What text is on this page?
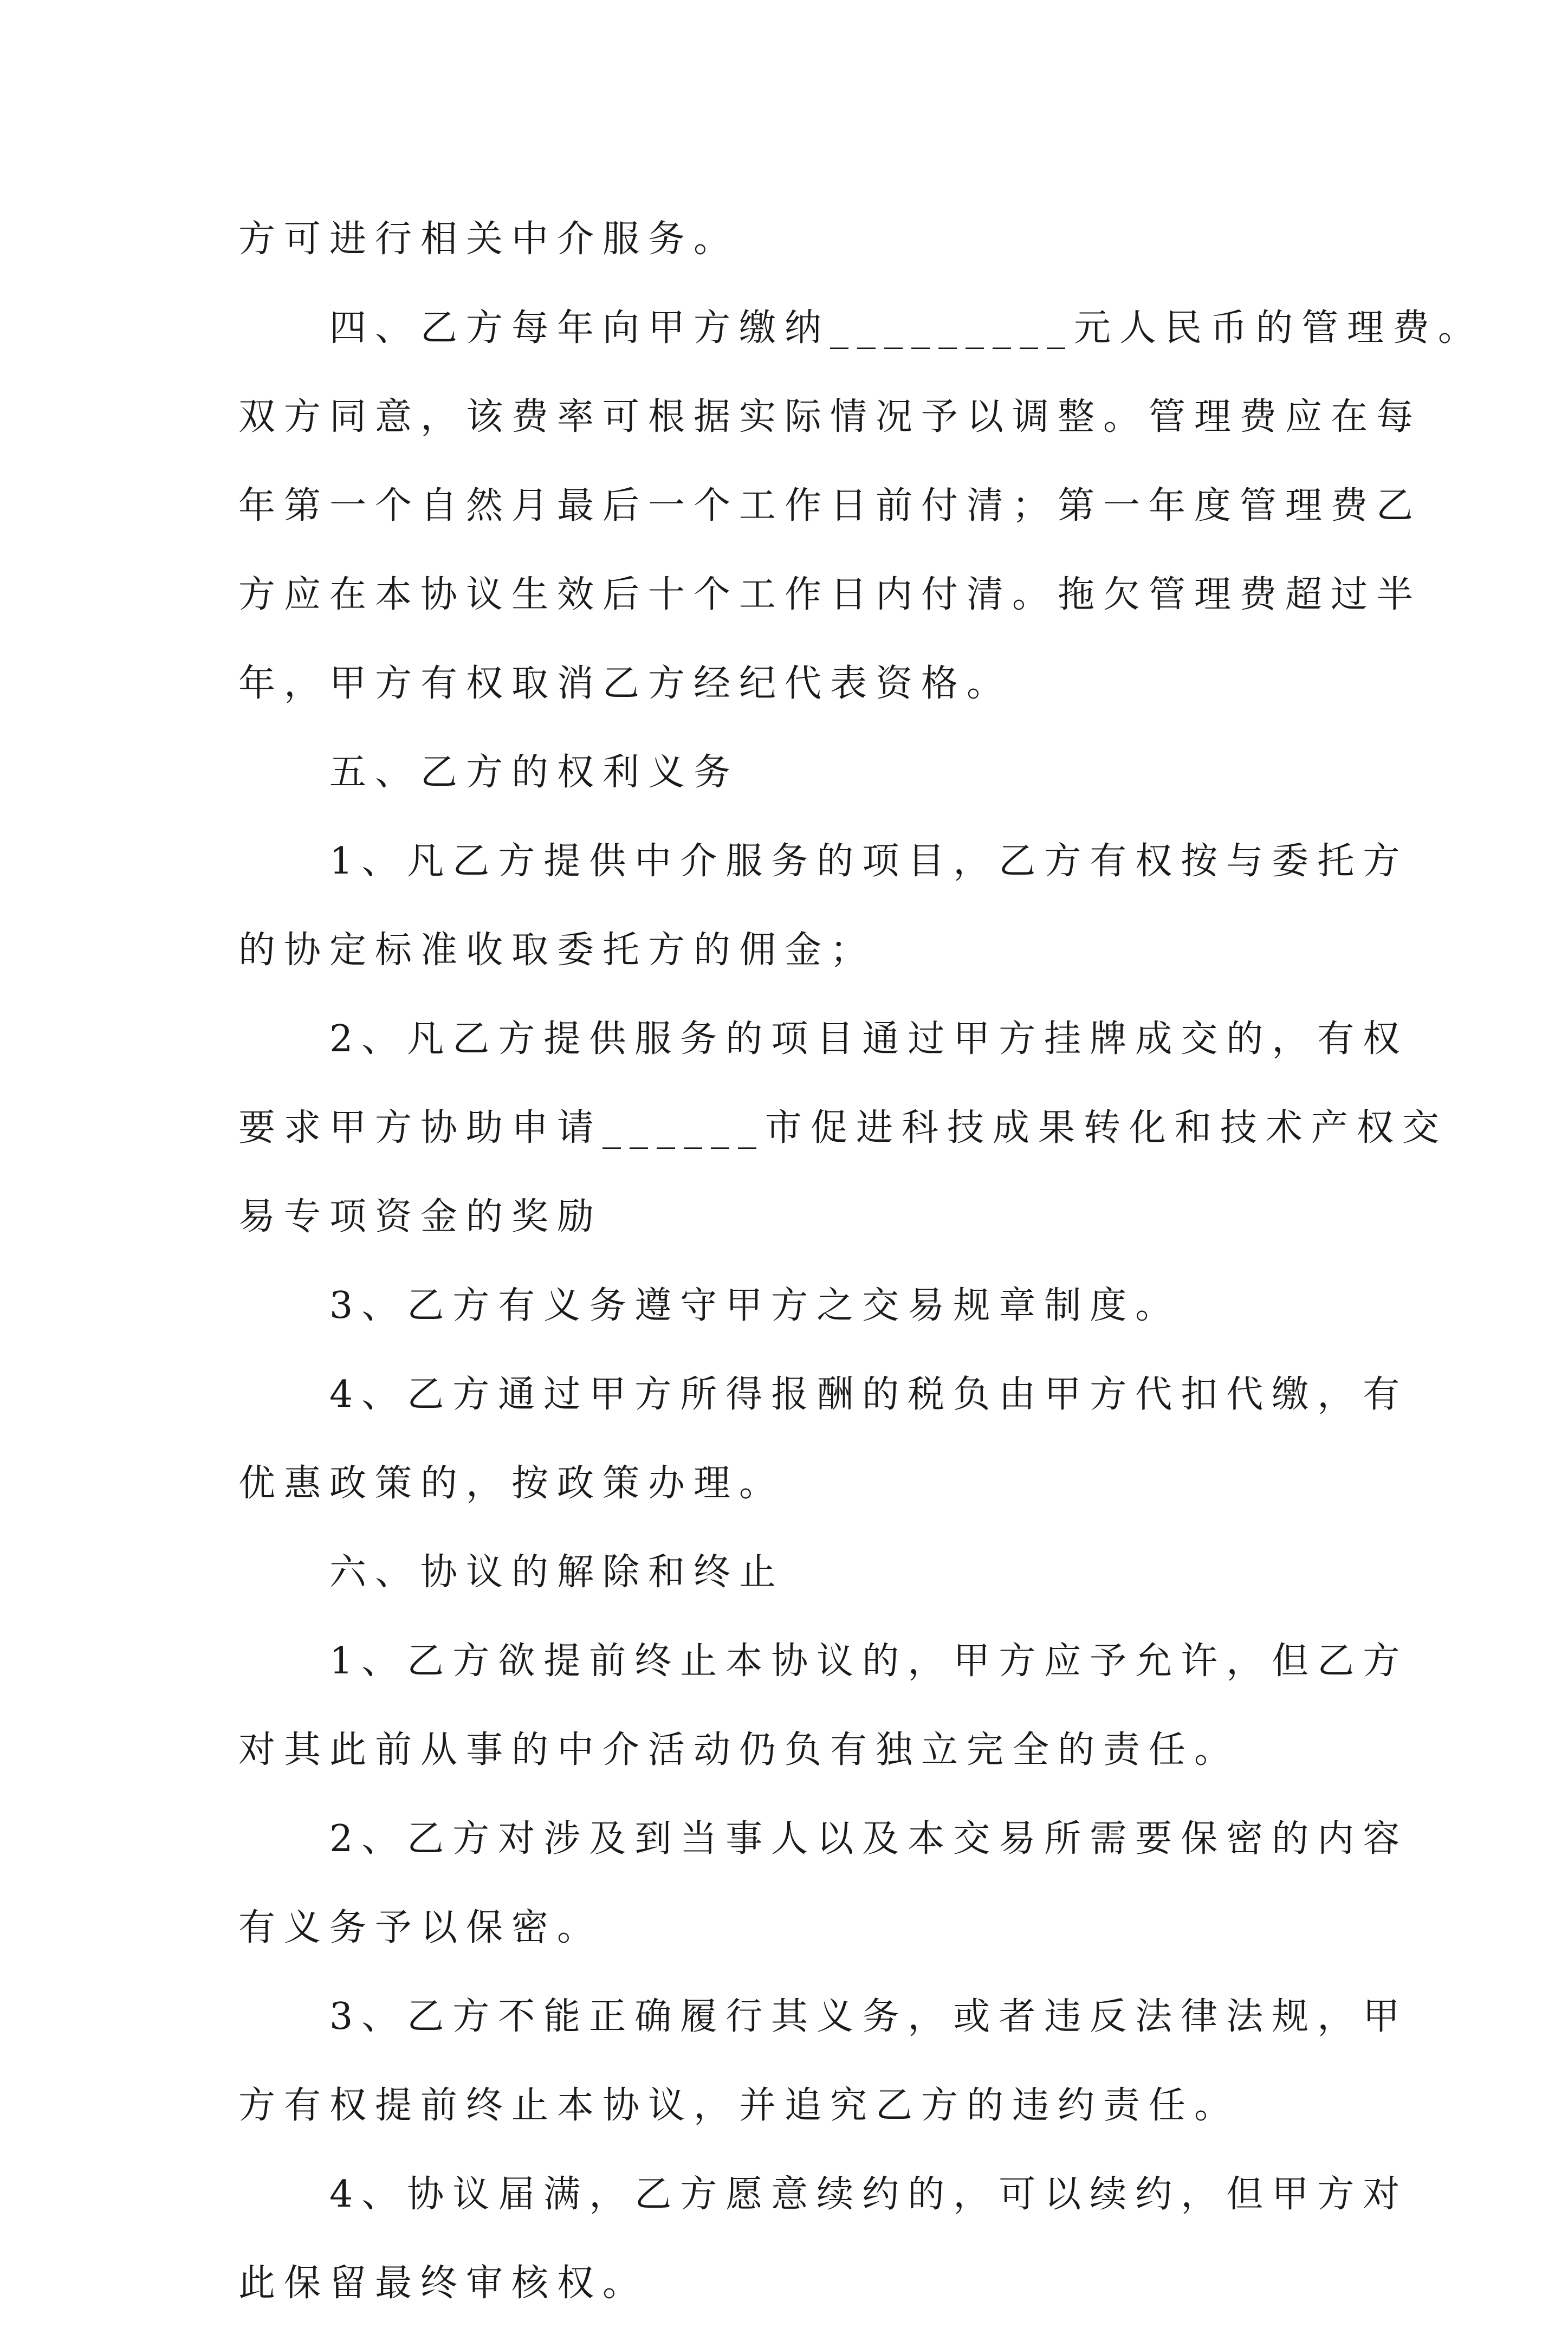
方可进行相关中介服务。
　　四、乙方每年向甲方缴纳_________元人民币的管理费。
双方同意，该费率可根据实际情况予以调整。管理费应在每
年第一个自然月最后一个工作日前付清；第一年度管理费乙
方应在本协议生效后十个工作日内付清。拖欠管理费超过半
年，甲方有权取消乙方经纪代表资格。
　　五、乙方的权利义务
　　1、凡乙方提供中介服务的项目，乙方有权按与委托方
的协定标准收取委托方的佣金；
　　2、凡乙方提供服务的项目通过甲方挂牌成交的，有权
要求甲方协助申请______市促进科技成果转化和技术产权交
易专项资金的奖励
　　3、乙方有义务遵守甲方之交易规章制度。
　　4、乙方通过甲方所得报酬的税负由甲方代扣代缴，有
优惠政策的，按政策办理。
　　六、协议的解除和终止
　　1、乙方欲提前终止本协议的，甲方应予允许，但乙方
对其此前从事的中介活动仍负有独立完全的责任。
　　2、乙方对涉及到当事人以及本交易所需要保密的内容
有义务予以保密。
　　3、乙方不能正确履行其义务，或者违反法律法规，甲
方有权提前终止本协议，并追究乙方的违约责任。
　　4、协议届满，乙方愿意续约的，可以续约，但甲方对
此保留最终审核权。
